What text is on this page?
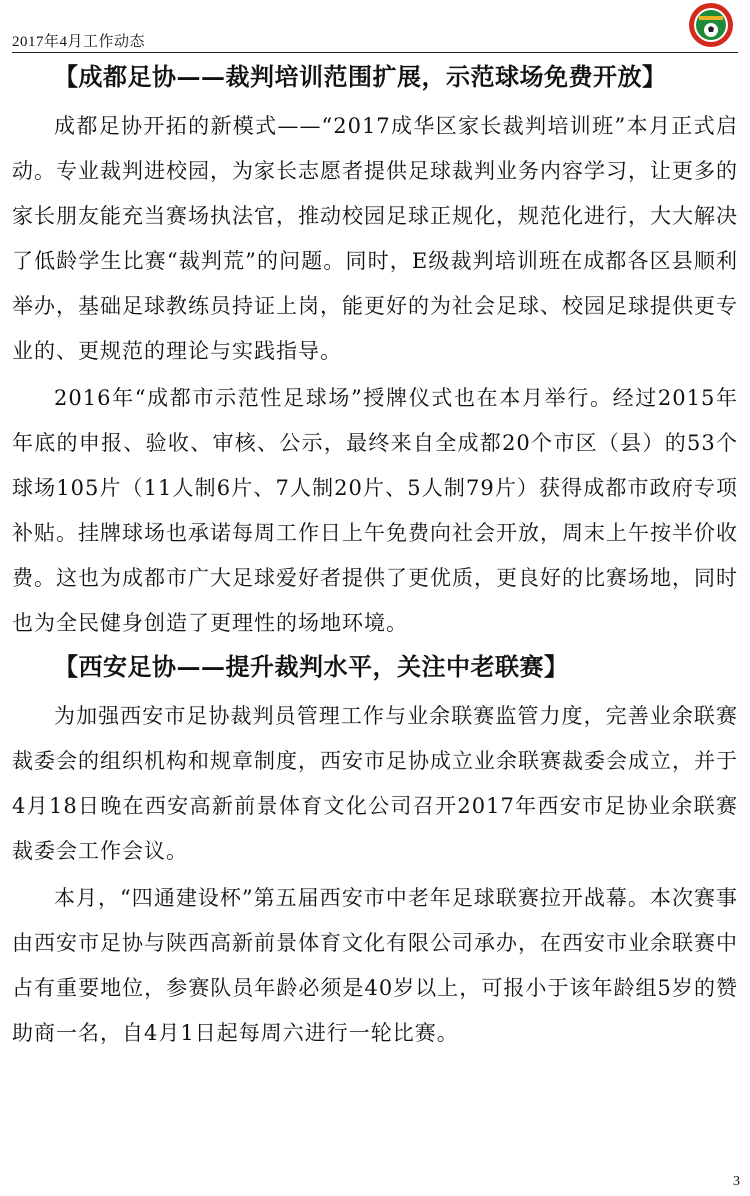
2017年4月工作动态
【成都足协——裁判培训范围扩展，示范球场免费开放】

成都足协开拓的新模式——“2017成华区家长裁判培训班”本月正式启动。专业裁判进校园，为家长志愿者提供足球裁判业务内容学习，让更多的家长朋友能充当赛场执法官，推动校园足球正规化，规范化进行，大大解决了低龄学生比赛“裁判荒”的问题。同时，E级裁判培训班在成都各区县顺利举办，基础足球教练员持证上岗，能更好的为社会足球、校园足球提供更专业的、更规范的理论与实践指导。

2016年“成都市示范性足球场”授牌仪式也在本月举行。经过2015年年底的申报、验收、审核、公示，最终来自全成都20个市区（县）的53个球场105片（11人制6片、7人制20片、5人制79片）获得成都市政府专项补贴。挂牌球场也承诺每周工作日上午免费向社会开放，周末上午按半价收费。这也为成都市广大足球爱好者提供了更优质，更良好的比赛场地，同时也为全民健身创造了更理性的场地环境。

【西安足协——提升裁判水平，关注中老联赛】

为加强西安市足协裁判员管理工作与业余联赛监管力度，完善业余联赛裁委会的组织机构和规章制度，西安市足协成立业余联赛裁委会成立，并于4月18日晚在西安高新前景体育文化公司召开2017年西安市足协业余联赛裁委会工作会议。

本月，“四通建设杯”第五届西安市中老年足球联赛拉开战幕。本次赛事由西安市足协与陕西高新前景体育文化有限公司承办，在西安市业余联赛中占有重要地位，参赛队员年龄必须是40岁以上，可报小于该年龄组5岁的赞助商一名，自4月1日起每周六进行一轮比赛。

3
